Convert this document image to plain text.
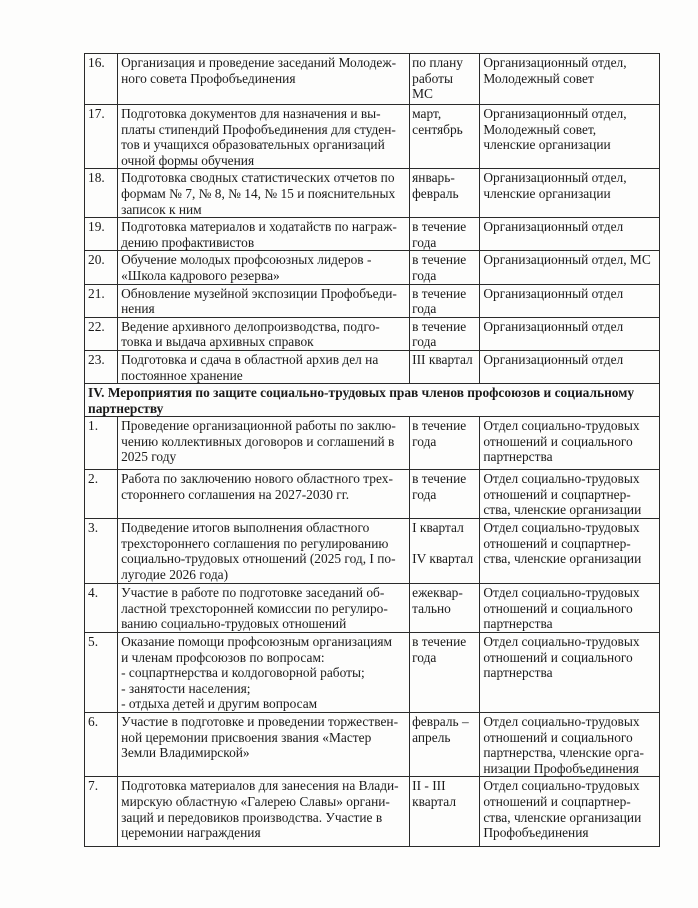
16.	Организация и проведение заседаний Молодеж-
ного совета Профобъединения	по плану
работы
МС	Организационный отдел,
Молодежный совет
17.	Подготовка документов для назначения и вы-
платы стипендий Профобъединения для студен-
тов и учащихся образовательных организаций
очной формы обучения	март,
сентябрь	Организационный отдел,
Молодежный совет,
членские организации
18.	Подготовка сводных статистических отчетов по
формам № 7, № 8, № 14, № 15 и пояснительных
записок к ним	январь-
февраль	Организационный отдел,
членские организации
19.	Подготовка материалов и ходатайств по награж-
дению профактивистов	в течение
года	Организационный отдел
20.	Обучение молодых профсоюзных лидеров -
«Школа кадрового резерва»	в течение
года	Организационный отдел, МС
21.	Обновление музейной экспозиции Профобъеди-
нения	в течение
года	Организационный отдел
22.	Ведение архивного делопроизводства, подго-
товка и выдача архивных справок	в течение
года	Организационный отдел
23.	Подготовка и сдача в областной архив дел на
постоянное хранение	III квартал	Организационный отдел
IV. Мероприятия по защите социально-трудовых прав членов профсоюзов и социальному
партнерству			
1.	Проведение организационной работы по заклю-
чению коллективных договоров и соглашений в
2025 году	в течение
года	Отдел социально-трудовых
отношений и социального
партнерства
2.	Работа по заключению нового областного трех-
стороннего соглашения на 2027-2030 гг.	в течение
года	Отдел социально-трудовых
отношений и соцпартнер-
ства, членские организации
3.	Подведение итогов выполнения областного
трехстороннего соглашения по регулированию
социально-трудовых отношений (2025 год, I по-
лугодие 2026 года)	I квартал

IV квартал	Отдел социально-трудовых
отношений и соцпартнер-
ства, членские организации
4.	Участие в работе по подготовке заседаний об-
ластной трехсторонней комиссии по регулиро-
ванию социально-трудовых отношений	ежеквар-
тально	Отдел социально-трудовых
отношений и социального
партнерства
5.	Оказание помощи профсоюзным организациям
и членам профсоюзов по вопросам:
- соцпартнерства и колдоговорной работы;
- занятости населения;
- отдыха детей и другим вопросам	в течение
года	Отдел социально-трудовых
отношений и социального
партнерства
6.	Участие в подготовке и проведении торжествен-
ной церемонии присвоения звания «Мастер
Земли Владимирской»	февраль –
апрель	Отдел социально-трудовых
отношений и социального
партнерства, членские орга-
низации Профобъединения
7.	Подготовка материалов для занесения на Влади-
мирскую областную «Галерею Славы» органи-
заций и передовиков производства. Участие в
церемонии награждения	II - III
квартал	Отдел социально-трудовых
отношений и соцпартнер-
ства, членские организации
Профобъединения
